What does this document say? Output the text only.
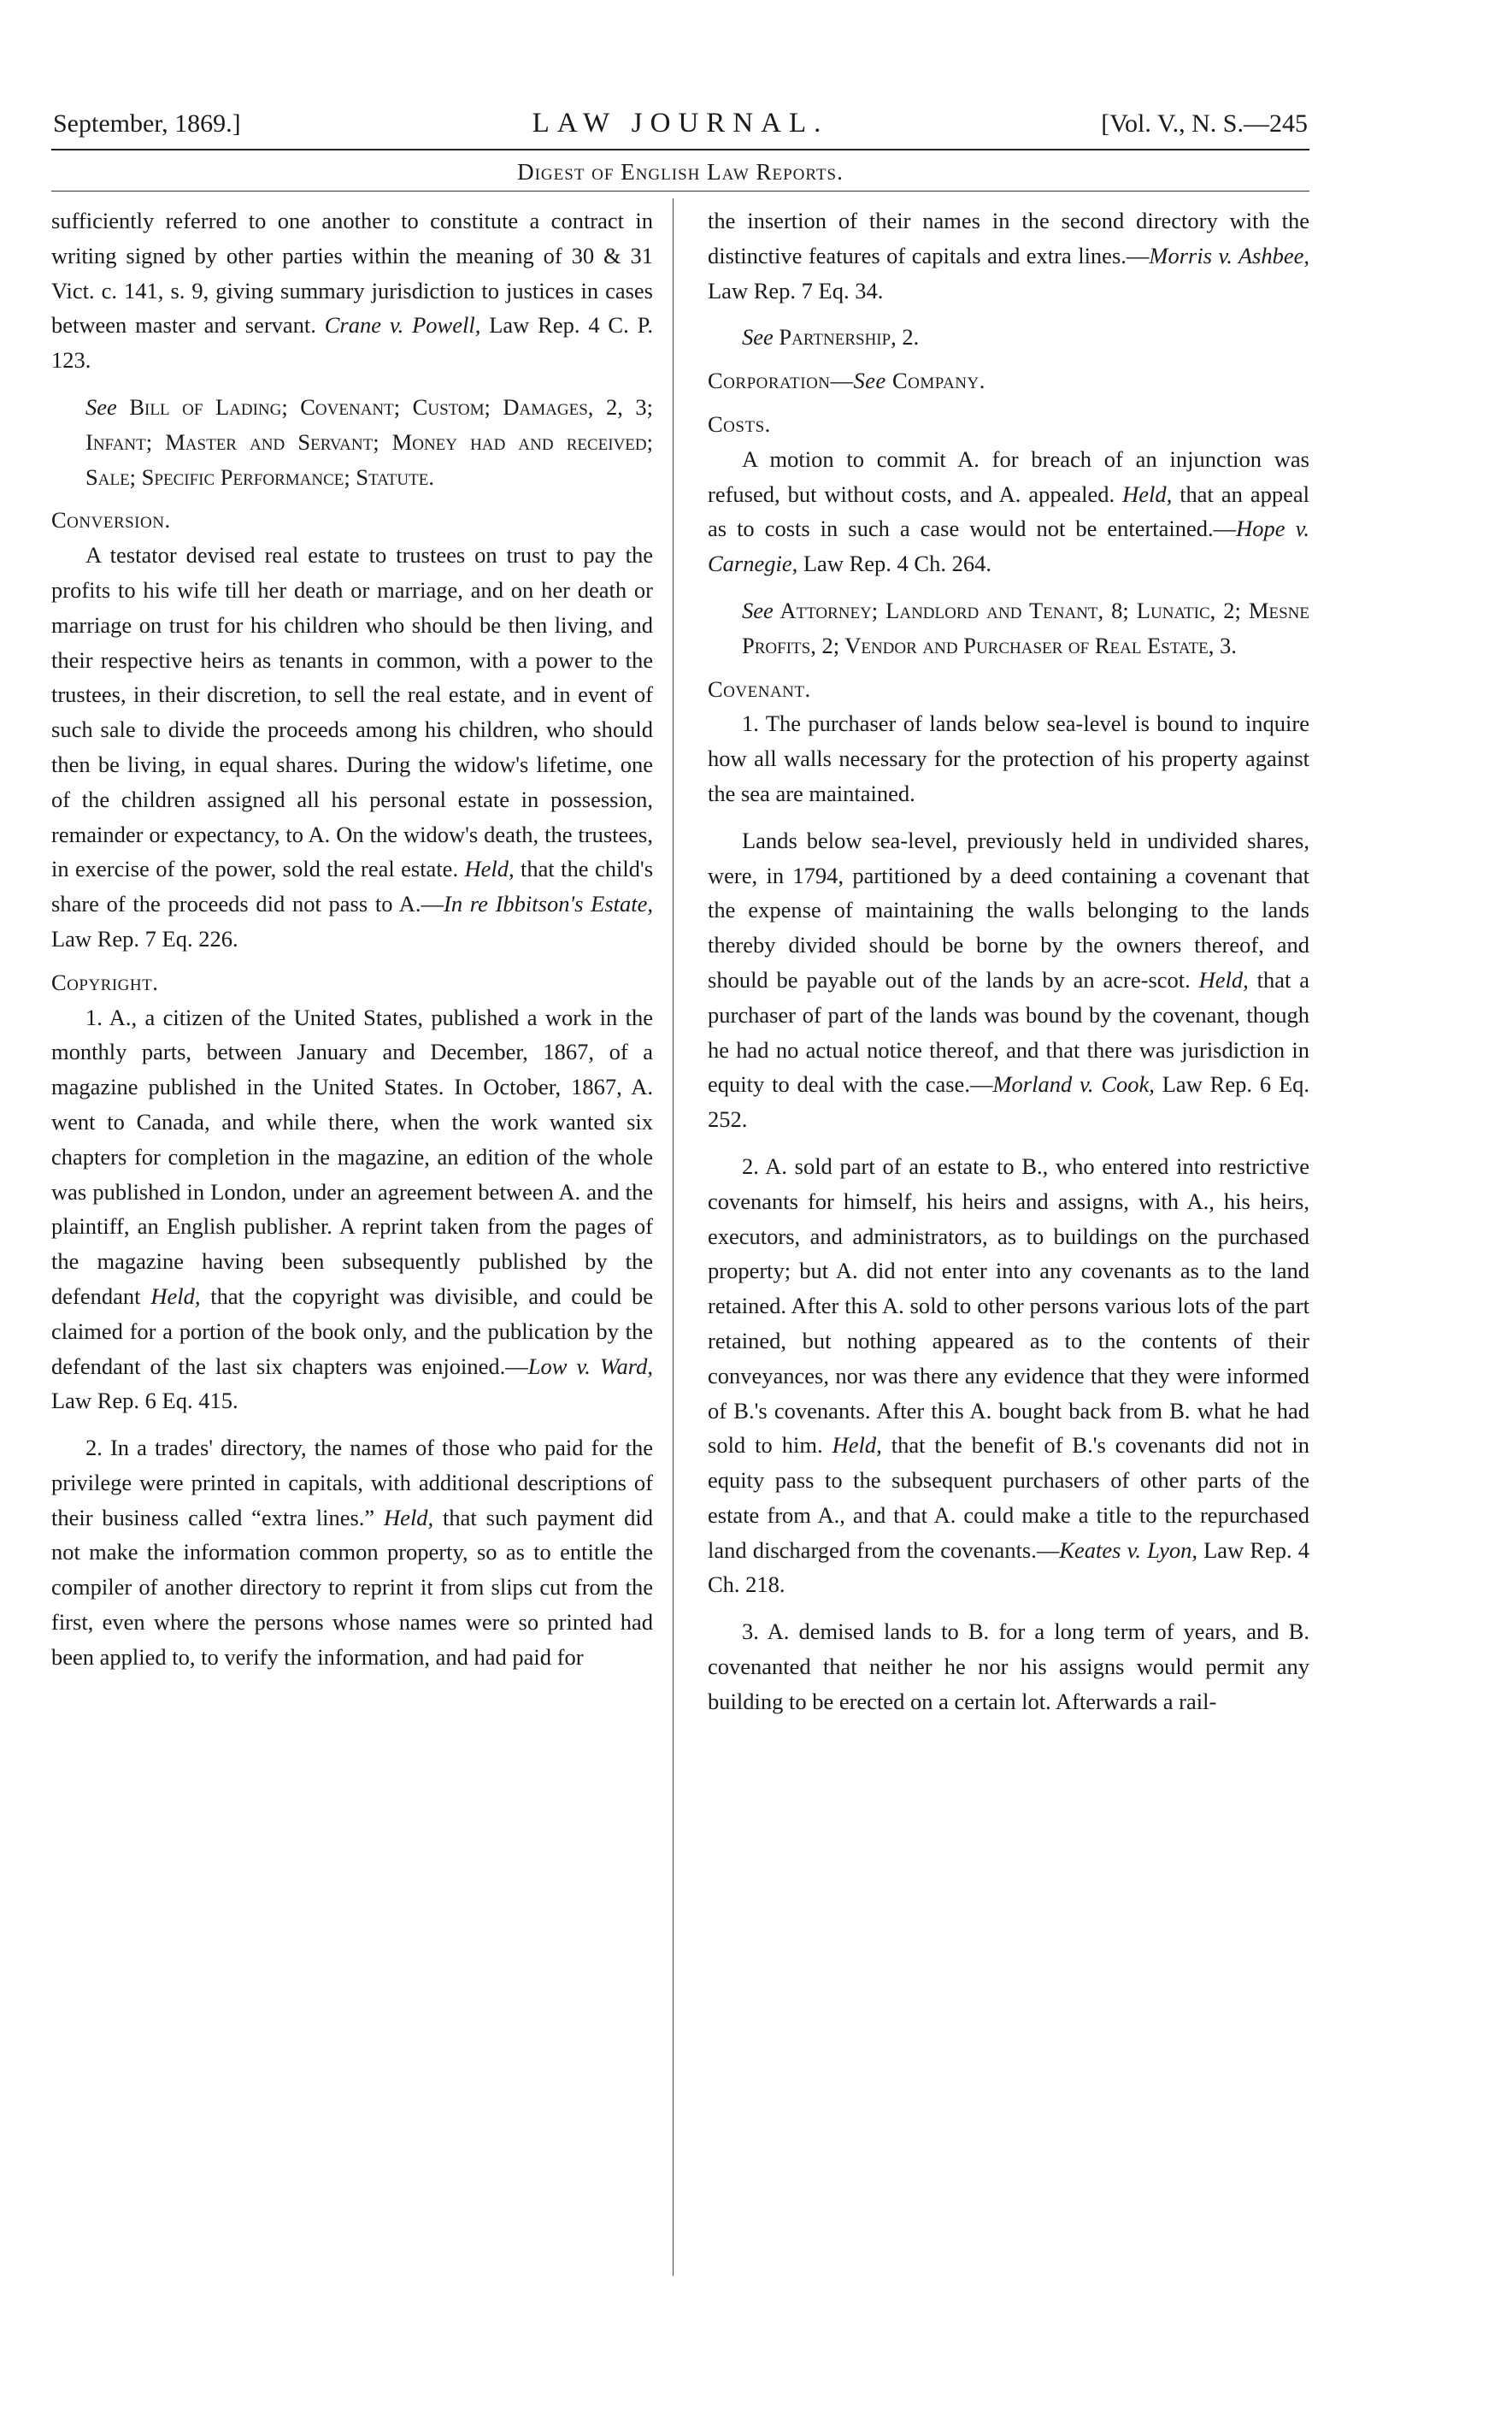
September, 1869.]	LAW JOURNAL.	[Vol. V., N. S.—245
Digest of English Law Reports.

sufficiently referred to one another to constitute a contract in writing signed by other parties within the meaning of 30 & 31 Vict. c. 141, s. 9, giving summary jurisdiction to justices in cases between master and servant. Crane v. Powell, Law Rep. 4 C. P. 123.

See Bill of Lading; Covenant; Custom; Damages, 2, 3; Infant; Master and Servant; Money had and received; Sale; Specific Performance; Statute.

Conversion.

A testator devised real estate to trustees on trust to pay the profits to his wife till her death or marriage, and on her death or marriage on trust for his children who should be then living, and their respective heirs as tenants in common, with a power to the trustees, in their discretion, to sell the real estate, and in event of such sale to divide the proceeds among his children, who should then be living, in equal shares. During the widow's lifetime, one of the children assigned all his personal estate in possession, remainder or expectancy, to A. On the widow's death, the trustees, in exercise of the power, sold the real estate. Held, that the child's share of the proceeds did not pass to A.—In re Ibbitson's Estate, Law Rep. 7 Eq. 226.

Copyright.

1. A., a citizen of the United States, published a work in the monthly parts, between January and December, 1867, of a magazine published in the United States. In October, 1867, A. went to Canada, and while there, when the work wanted six chapters for completion in the magazine, an edition of the whole was published in London, under an agreement between A. and the plaintiff, an English publisher. A reprint taken from the pages of the magazine having been subsequently published by the defendant Held, that the copyright was divisible, and could be claimed for a portion of the book only, and the publication by the defendant of the last six chapters was enjoined.—Low v. Ward, Law Rep. 6 Eq. 415.

2. In a trades' directory, the names of those who paid for the privilege were printed in capitals, with additional descriptions of their business called “extra lines.” Held, that such payment did not make the information common property, so as to entitle the compiler of another directory to reprint it from slips cut from the first, even where the persons whose names were so printed had been applied to, to verify the information, and had paid for

the insertion of their names in the second directory with the distinctive features of capitals and extra lines.—Morris v. Ashbee, Law Rep. 7 Eq. 34.

See Partnership, 2.

Corporation—See Company.

Costs.

A motion to commit A. for breach of an injunction was refused, but without costs, and A. appealed. Held, that an appeal as to costs in such a case would not be entertained.—Hope v. Carnegie, Law Rep. 4 Ch. 264.

See Attorney; Landlord and Tenant, 8; Lunatic, 2; Mesne Profits, 2; Vendor and Purchaser of Real Estate, 3.

Covenant.

1. The purchaser of lands below sea-level is bound to inquire how all walls necessary for the protection of his property against the sea are maintained.

Lands below sea-level, previously held in undivided shares, were, in 1794, partitioned by a deed containing a covenant that the expense of maintaining the walls belonging to the lands thereby divided should be borne by the owners thereof, and should be payable out of the lands by an acre-scot. Held, that a purchaser of part of the lands was bound by the covenant, though he had no actual notice thereof, and that there was jurisdiction in equity to deal with the case.—Morland v. Cook, Law Rep. 6 Eq. 252.

2. A. sold part of an estate to B., who entered into restrictive covenants for himself, his heirs and assigns, with A., his heirs, executors, and administrators, as to buildings on the purchased property; but A. did not enter into any covenants as to the land retained. After this A. sold to other persons various lots of the part retained, but nothing appeared as to the contents of their conveyances, nor was there any evidence that they were informed of B.'s covenants. After this A. bought back from B. what he had sold to him. Held, that the benefit of B.'s covenants did not in equity pass to the subsequent purchasers of other parts of the estate from A., and that A. could make a title to the repurchased land discharged from the covenants.—Keates v. Lyon, Law Rep. 4 Ch. 218.

3. A. demised lands to B. for a long term of years, and B. covenanted that neither he nor his assigns would permit any building to be erected on a certain lot. Afterwards a rail-
